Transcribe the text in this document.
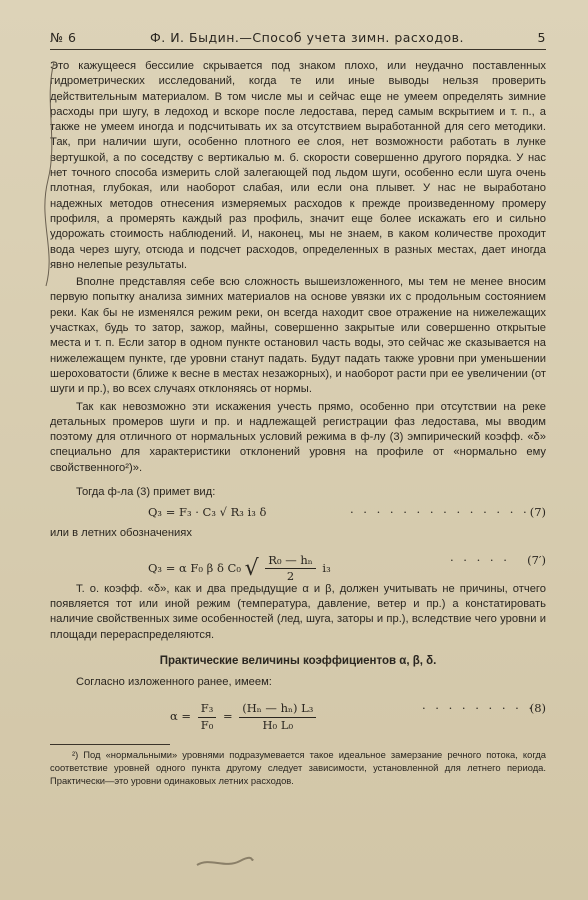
№ 6	Ф. И. Быдин.—Способ учета зимн. расходов.	5

Это кажущееся бессилие скрывается под знаком плохо, или неудачно поставленных гидрометрических исследований, когда те или иные выводы нельзя проверить действительным материалом. В том числе мы и сейчас еще не умеем определять зимние расходы при шугу, в ледоход и вскоре после ледостава, перед самым вскрытием и т. п., а также не умеем иногда и подсчитывать их за отсутствием выработанной для сего методики. Так, при наличии шуги, особенно плотного ее слоя, нет возможности работать в лунке вертушкой, а по соседству с вертикалью м. б. скорости совершенно другого порядка. У нас нет точного способа измерить слой залегающей под льдом шуги, особенно если шуга очень плотная, глубокая, или наоборот слабая, или если она плывет. У нас не выработано надежных методов отнесения измеряемых расходов к прежде произведенному промеру профиля, а промерять каждый раз профиль, значит еще более искажать его и сильно удорожать стоимость наблюдений. И, наконец, мы не знаем, в каком количестве проходит вода через шугу, отсюда и подсчет расходов, определенных в разных местах, дает иногда явно нелепые результаты.

Вполне представляя себе всю сложность вышеизложенного, мы тем не менее вносим первую попытку анализа зимних материалов на основе увязки их с продольным состоянием реки. Как бы не изменялся режим реки, он всегда находит свое отражение на нижележащих участках, будь то затор, зажор, майны, совершенно закрытые или совершенно открытые места и т. п. Если затор в одном пункте остановил часть воды, это сейчас же сказывается на нижележащем пункте, где уровни станут падать. Будут падать также уровни при уменьшении шероховатости (ближе к весне в местах незажорных), и наоборот расти при ее увеличении (от шуги и пр.), во всех случаях отклоняясь от нормы.

Так как невозможно эти искажения учесть прямо, особенно при отсутствии на реке детальных промеров шуги и пр. и надлежащей регистрации фаз ледостава, мы вводим поэтому для отличного от нормальных условий режима в ф-лу (3) эмпирический коэфф. «δ» специально для характеристики отклонений уровня на профиле от «нормально ему свойственного²)».

Тогда ф-ла (3) примет вид:

Q₃ = F₃ · C₃ √ R₃ i₃ δ	. . . . . . . . . . . . . . (7)

или в летних обозначениях

Q₃ = α F₀ β δ C₀ √ $\frac{\text{R₀ — hₙ}}{2} i_3$
. . . . . (7′)

Т. о. коэфф. «δ», как и два предыдущие α и β, должен учитывать не причины, отчего появляется тот или иной режим (температура, давление, ветер и пр.) а констатировать наличие свойственных зиме особенностей (лед, шуга, заторы и пр.), вследствие чего уровни и площади перераспределяются.

Практические величины коэффициентов α, β, δ.

Согласно изложенного ранее, имеем:

$\alpha = \frac{\text{F₃}}{\text{F₀}} = \frac{\text{(Hₙ — hₙ) L₃}}{\text{H₀ L₀}}$	. . . . . . . . .
(8)

²) Под «нормальными» уровнями подразумевается такое идеальное замерзание речного потока, когда соответствие уровней одного пункта другому следует зависимости, установленной для летнего периода. Практически—это уровни одинаковых летних расходов.
